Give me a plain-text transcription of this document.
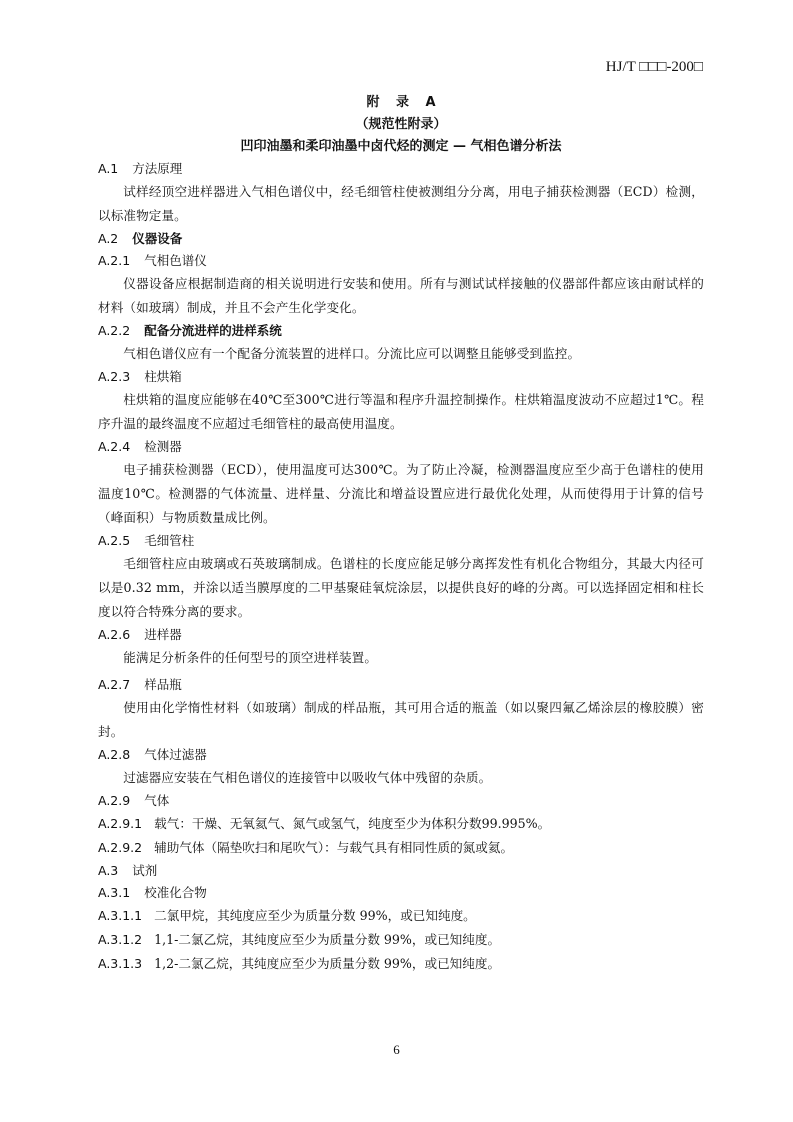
HJ/T □□□-200□
附 录 A
（规范性附录）
凹印油墨和柔印油墨中卤代烃的测定 — 气相色谱分析法
A.1 方法原理

试样经顶空进样器进入气相色谱仪中，经毛细管柱使被测组分分离，用电子捕获检测器（ECD）检测，以标准物定量。

A.2 仪器设备
A.2.1 气相色谱仪

仪器设备应根据制造商的相关说明进行安装和使用。所有与测试试样接触的仪器部件都应该由耐试样的材料（如玻璃）制成，并且不会产生化学变化。

A.2.2 配备分流进样的进样系统

气相色谱仪应有一个配备分流装置的进样口。分流比应可以调整且能够受到监控。

A.2.3 柱烘箱

柱烘箱的温度应能够在40℃至300℃进行等温和程序升温控制操作。柱烘箱温度波动不应超过1℃。程序升温的最终温度不应超过毛细管柱的最高使用温度。

A.2.4 检测器

电子捕获检测器（ECD），使用温度可达300℃。为了防止冷凝，检测器温度应至少高于色谱柱的使用温度10℃。检测器的气体流量、进样量、分流比和增益设置应进行最优化处理，从而使得用于计算的信号（峰面积）与物质数量成比例。

A.2.5 毛细管柱

毛细管柱应由玻璃或石英玻璃制成。色谱柱的长度应能足够分离挥发性有机化合物组分，其最大内径可以是0.32 mm，并涂以适当膜厚度的二甲基聚硅氧烷涂层，以提供良好的峰的分离。可以选择固定相和柱长度以符合特殊分离的要求。

A.2.6 进样器

能满足分析条件的任何型号的顶空进样装置。

A.2.7 样品瓶

使用由化学惰性材料（如玻璃）制成的样品瓶，其可用合适的瓶盖（如以聚四氟乙烯涂层的橡胶膜）密封。

A.2.8 气体过滤器

过滤器应安装在气相色谱仪的连接管中以吸收气体中残留的杂质。

A.2.9 气体
A.2.9.1 载气：干燥、无氧氦气、氮气或氢气，纯度至少为体积分数99.995%。
A.2.9.2 辅助气体（隔垫吹扫和尾吹气）：与载气具有相同性质的氮或氦。
A.3 试剂
A.3.1 校准化合物
A.3.1.1 二氯甲烷，其纯度应至少为质量分数 99%，或已知纯度。
A.3.1.2 1,1-二氯乙烷，其纯度应至少为质量分数 99%，或已知纯度。
A.3.1.3 1,2-二氯乙烷，其纯度应至少为质量分数 99%，或已知纯度。
6
